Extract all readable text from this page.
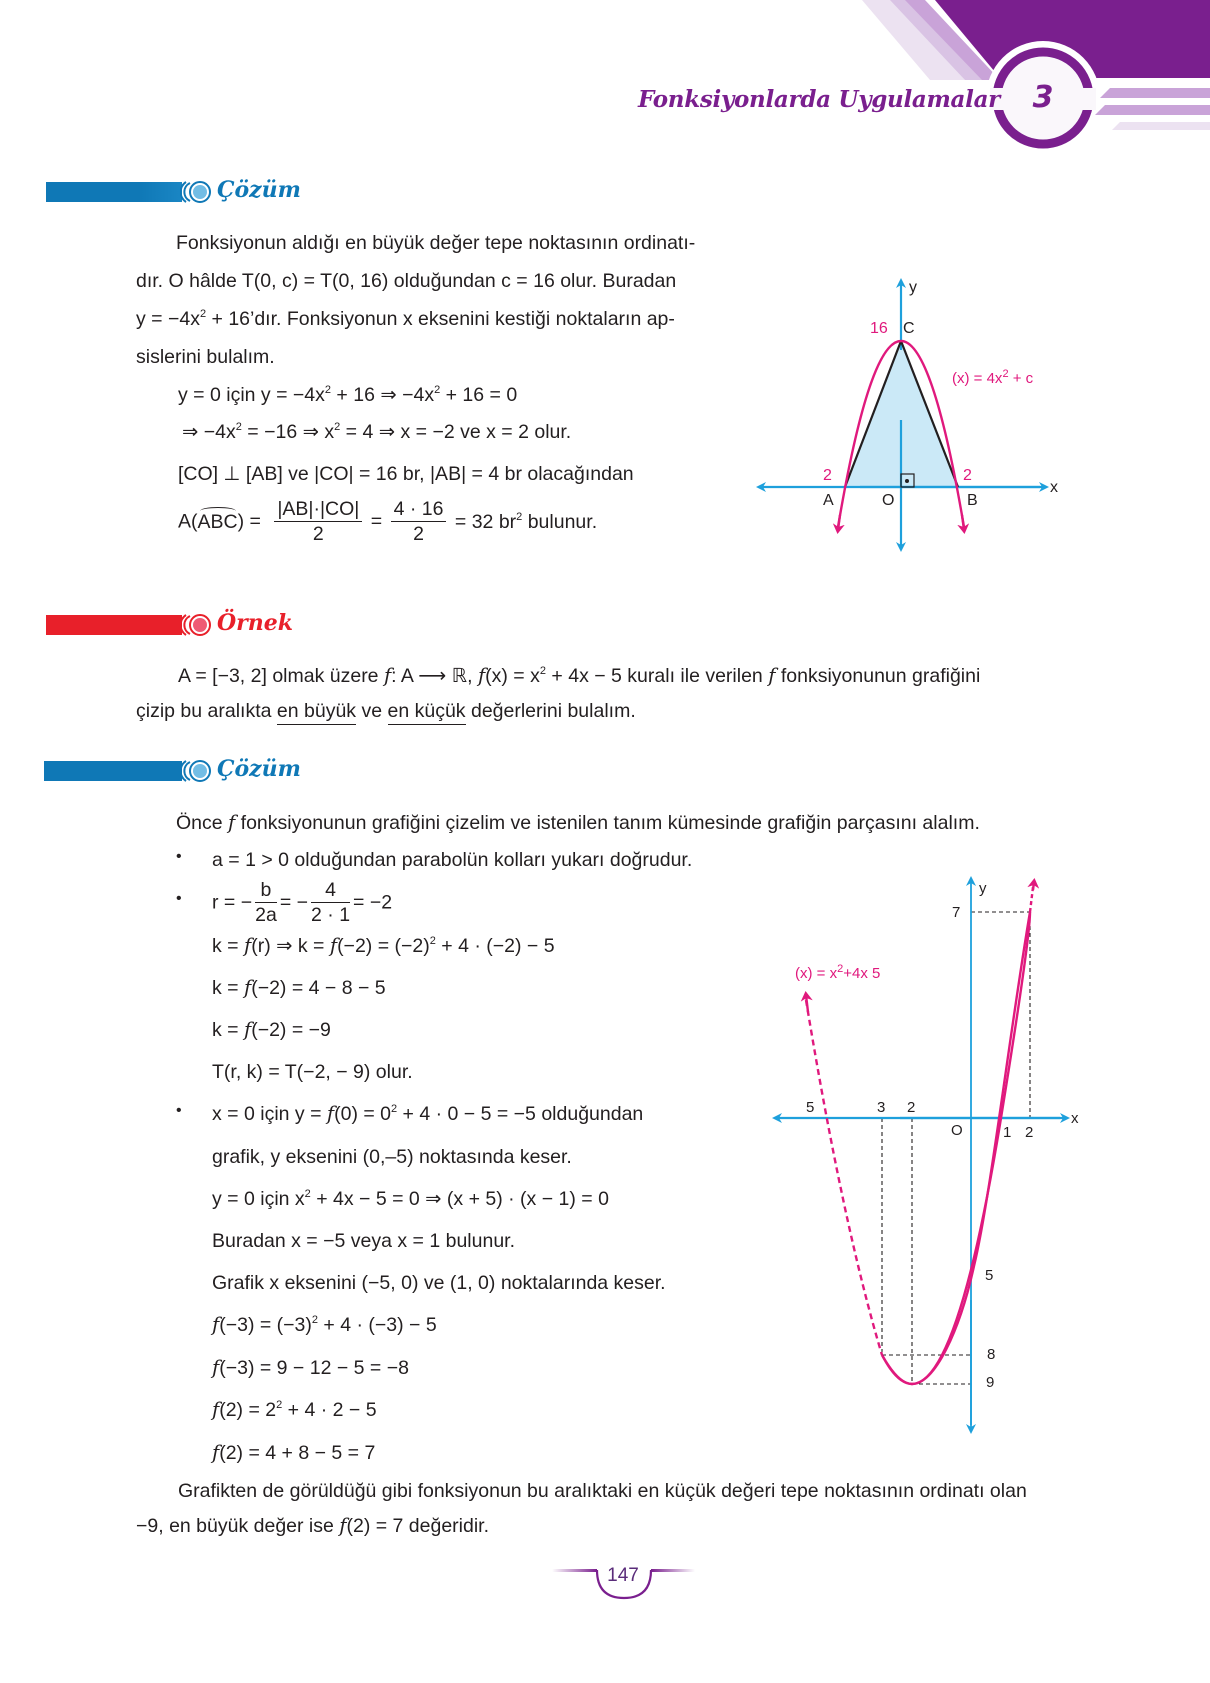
Fonksiyonlarda Uygulamalar	3
Çözüm
Fonksiyonun aldığı en büyük değer tepe noktasının ordinatı-
dır. O hâlde T(0, c) = T(0, 16) olduğundan c = 16 olur. Buradan
$y = -4x^2$ + 16’dır. Fonksiyonun x eksenini kestiği noktaların ap-
sislerini bulalım.
y = 0 için $y = -4x^2 + 16$ ⇒ $-4x^2 + 16 = 0$
⇒ $-4x^2 = -16$ ⇒ $x^2 = 4$ ⇒ x = −2 ve x = 2 olur.
[CO] ⊥ [AB] ve |CO| = 16 br, |AB| = 4 br olacağından
$A(ABC) = \frac{|AB|\cdot|CO|}{2} = \frac{4 \cdot 16}{2} = 32$ $br^2$ bulunur.
y
x
16 C
2	2
A	O	B
$(x) = 4x^2 + c$
Örnek
A = [−3, 2] olmak üzere f: A ⟶ ℝ, $f(x) = x^2 + 4x - 5$ kuralı ile verilen f fonksiyonunun grafiğini
çizip bu aralıkta en büyük ve en küçük değerlerini bulalım.
Çözüm
Önce f fonksiyonunun grafiğini çizelim ve istenilen tanım kümesinde grafiğin parçasını alalım.
• a = 1 > 0 olduğundan parabolün kolları yukarı doğrudur.
• r = − $\frac{b}{2a}$ = − $\frac{4}{2 \cdot 1} = -2$
k = f(r) ⇒ $k = f(-2) = (-2)^2 + 4 \cdot (-2) - 5$
k = f(−2) = 4 − 8 − 5
k = f(−2) = −9
T(r, k) = T(−2, − 9) olur.
• x = 0 için $y = f(0) = 0^2 + 4 \cdot 0 - 5 = -5$ olduğundan
grafik, y eksenini (0,–5) noktasında keser.
y = 0 için $x^2 + 4x - 5 = 0$ ⇒ (x + 5) · (x − 1) = 0
Buradan x = −5 veya x = 1 bulunur.
Grafik x eksenini (−5, 0) ve (1, 0) noktalarında keser.
$f(-3) = (-3)^2 + 4 \cdot (-3) - 5$
f(−3) = 9 − 12 − 5 = −8
$f(2) = 2^2 + 4 \cdot 2 - 5$
f(2) = 4 + 8 − 5 = 7
Grafikten de görüldüğü gibi fonksiyonun bu aralıktaki en küçük değeri tepe noktasının ordinatı olan
−9, en büyük değer ise f(2) = 7 değeridir.
y
x
O
5	3 2
1 2
7
5
8
9
$(x) = x^2+4x$ 5
147
